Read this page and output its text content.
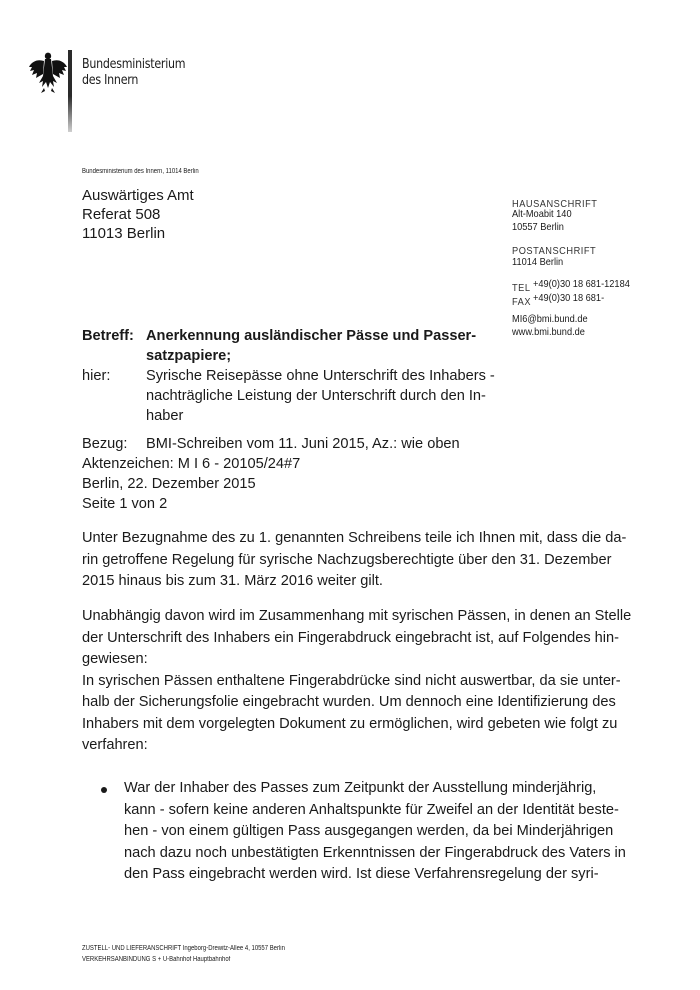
Bundesministerium
des Innern
Bundesministerium des Innern, 11014 Berlin
Auswärtiges Amt
Referat 508
11013 Berlin
HAUSANSCHRIFT
Alt-Moabit 140
10557 Berlin
POSTANSCHRIFT
11014 Berlin
TEL +49(0)30 18 681-12184
FAX +49(0)30 18 681-
MI6@bmi.bund.de
www.bmi.bund.de
Betreff: Anerkennung ausländischer Pässe und Passer-
satzpapiere;
hier: Syrische Reisepässe ohne Unterschrift des Inhabers -
nachträgliche Leistung der Unterschrift durch den In-
haber
Bezug: BMI-Schreiben vom 11. Juni 2015, Az.: wie oben
Aktenzeichen: M I 6 - 20105/24#7
Berlin, 22. Dezember 2015
Seite 1 von 2
Unter Bezugnahme des zu 1. genannten Schreibens teile ich Ihnen mit, dass die da-
rin getroffene Regelung für syrische Nachzugsberechtigte über den 31. Dezember
2015 hinaus bis zum 31. März 2016 weiter gilt.
Unabhängig davon wird im Zusammenhang mit syrischen Pässen, in denen an Stelle
der Unterschrift des Inhabers ein Fingerabdruck eingebracht ist, auf Folgendes hin-
gewiesen:
In syrischen Pässen enthaltene Fingerabdrücke sind nicht auswertbar, da sie unter-
halb der Sicherungsfolie eingebracht wurden. Um dennoch eine Identifizierung des
Inhabers mit dem vorgelegten Dokument zu ermöglichen, wird gebeten wie folgt zu
verfahren:
War der Inhaber des Passes zum Zeitpunkt der Ausstellung minderjährig,
kann - sofern keine anderen Anhaltspunkte für Zweifel an der Identität beste-
hen - von einem gültigen Pass ausgegangen werden, da bei Minderjährigen
nach dazu noch unbestätigten Erkenntnissen der Fingerabdruck des Vaters in
den Pass eingebracht werden wird. Ist diese Verfahrensregelung der syri-
ZUSTELL- UND LIEFERANSCHRIFT Ingeborg-Drewitz-Allee 4, 10557 Berlin
VERKEHRSANBINDUNG S + U-Bahnhof Hauptbahnhof
